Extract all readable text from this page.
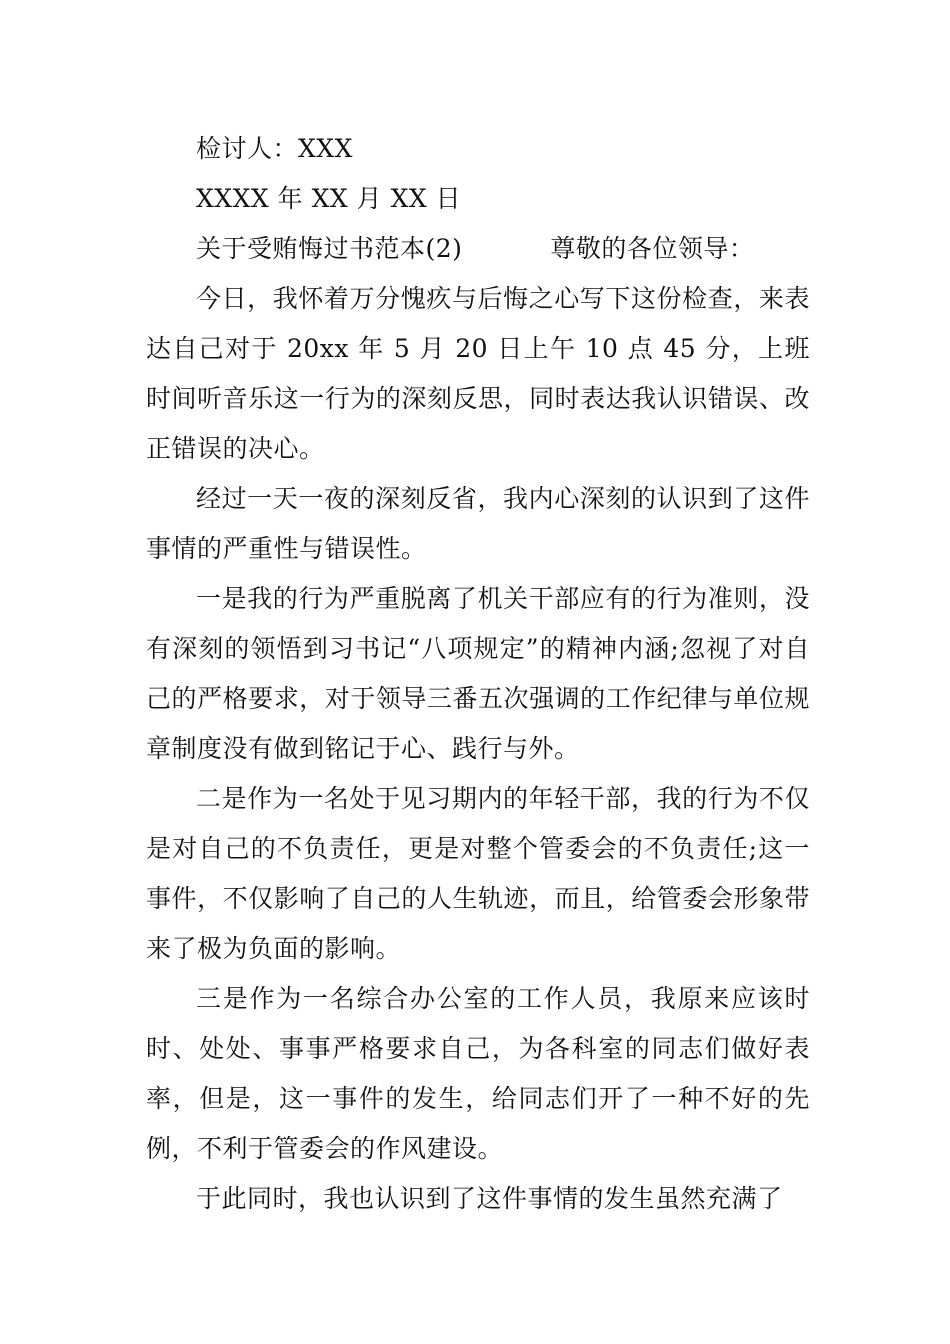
检讨人：XXX
XXXX 年 XX 月 XX 日
关于受贿悔过书范本(2)	尊敬的各位领导：

今日，我怀着万分愧疚与后悔之心写下这份检查，来表达自己对于 20xx 年 5 月 20 日上午 10 点 45 分，上班时间听音乐这一行为的深刻反思，同时表达我认识错误、改正错误的决心。

经过一天一夜的深刻反省，我内心深刻的认识到了这件事情的严重性与错误性。

一是我的行为严重脱离了机关干部应有的行为准则，没有深刻的领悟到习书记“八项规定”的精神内涵;忽视了对自己的严格要求，对于领导三番五次强调的工作纪律与单位规章制度没有做到铭记于心、践行与外。

二是作为一名处于见习期内的年轻干部，我的行为不仅是对自己的不负责任，更是对整个管委会的不负责任;这一事件，不仅影响了自己的人生轨迹，而且，给管委会形象带来了极为负面的影响。

三是作为一名综合办公室的工作人员，我原来应该时时、处处、事事严格要求自己，为各科室的同志们做好表率，但是，这一事件的发生，给同志们开了一种不好的先例，不利于管委会的作风建设。

于此同时，我也认识到了这件事情的发生虽然充满了
